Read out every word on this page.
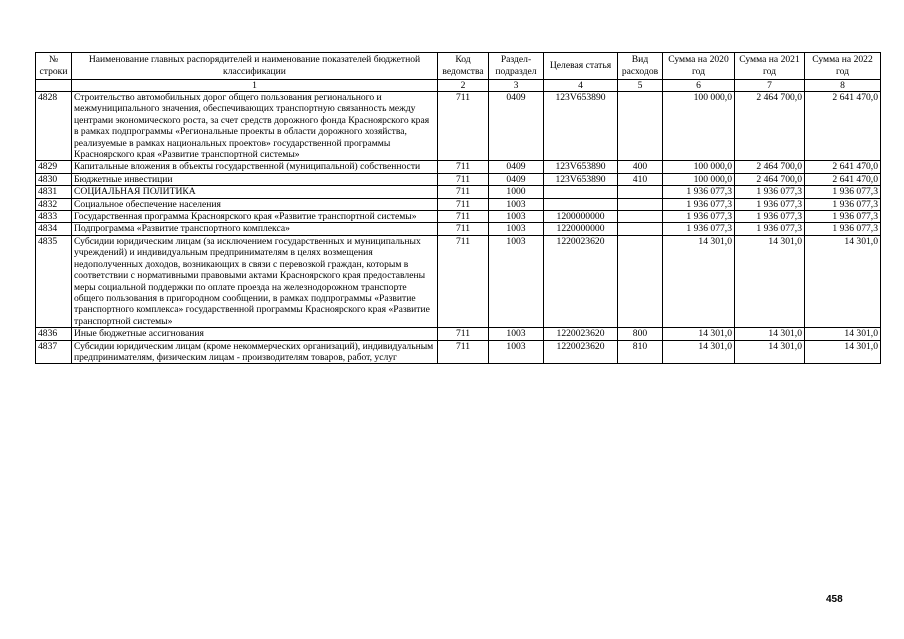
№ строки	Наименование главных распорядителей и наименование показателей бюджетной классификации	Код ведомства	Раздел-подраздел	Целевая статья	Вид расходов	Сумма на 2020 год	Сумма на 2021 год	Сумма на 2022 год
	1	2	3	4	5	6	7	8
4828	Строительство автомобильных дорог общего пользования регионального и межмуниципального значения, обеспечивающих транспортную связанность между центрами экономического роста, за счет средств дорожного фонда Красноярского края в рамках подпрограммы «Региональные проекты в области дорожного хозяйства, реализуемые в рамках национальных проектов» государственной программы Красноярского края «Развитие транспортной системы»	711	0409	123V653890		100 000,0	2 464 700,0	2 641 470,0
4829	Капитальные вложения в объекты государственной (муниципальной) собственности	711	0409	123V653890	400	100 000,0	2 464 700,0	2 641 470,0
4830	Бюджетные инвестиции	711	0409	123V653890	410	100 000,0	2 464 700,0	2 641 470,0
4831	СОЦИАЛЬНАЯ ПОЛИТИКА	711	1000			1 936 077,3	1 936 077,3	1 936 077,3
4832	Социальное обеспечение населения	711	1003			1 936 077,3	1 936 077,3	1 936 077,3
4833	Государственная программа Красноярского края «Развитие транспортной системы»	711	1003	1200000000		1 936 077,3	1 936 077,3	1 936 077,3
4834	Подпрограмма «Развитие транспортного комплекса»	711	1003	1220000000		1 936 077,3	1 936 077,3	1 936 077,3
4835	Субсидии юридическим лицам (за исключением государственных и муниципальных учреждений) и индивидуальным предпринимателям в целях возмещения недополученных доходов, возникающих в связи с перевозкой граждан, которым в соответствии с нормативными правовыми актами Красноярского края предоставлены меры социальной поддержки по оплате проезда на железнодорожном транспорте общего пользования в пригородном сообщении, в рамках подпрограммы «Развитие транспортного комплекса» государственной программы Красноярского края «Развитие транспортной системы»	711	1003	1220023620		14 301,0	14 301,0	14 301,0
4836	Иные бюджетные ассигнования	711	1003	1220023620	800	14 301,0	14 301,0	14 301,0
4837	Субсидии юридическим лицам (кроме некоммерческих организаций), индивидуальным предпринимателям, физическим лицам - производителям товаров, работ, услуг	711	1003	1220023620	810	14 301,0	14 301,0	14 301,0
458
